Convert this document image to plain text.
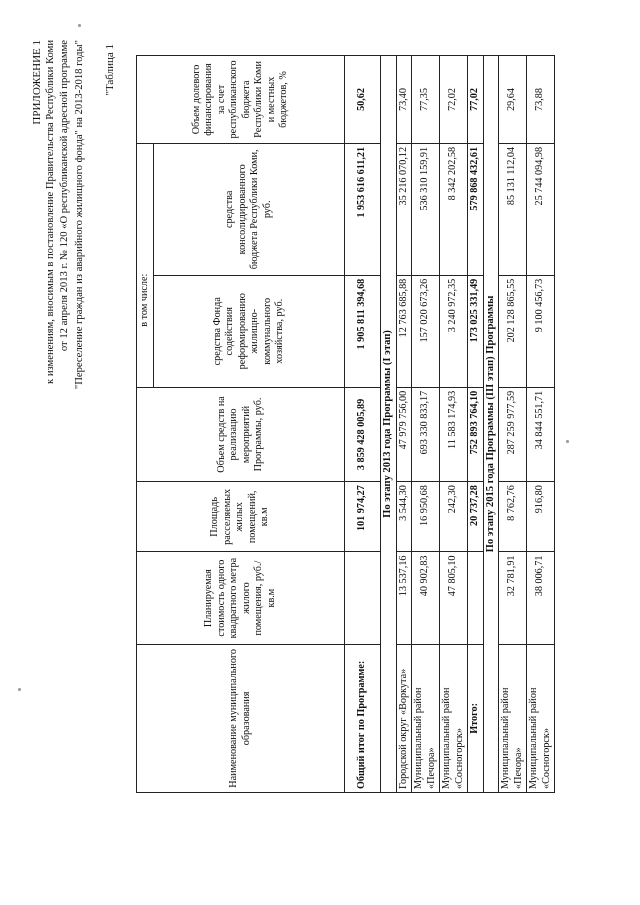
ПРИЛОЖЕНИЕ 1 к изменениям, вносимым в постановление Правительства Республики Коми от 12 апреля 2013 г. № 120 «О республиканской адресной программе "Переселение граждан из аварийного жилищного фонда" на 2013-2018 годы" "Таблица 1
Наименование муниципального образования	Планируемая стоимость одного квадратного метра жилого помещения, руб./кв.м	Площадь расселяемых жилых помещений, кв.м	Объем средств на реализацию мероприятий Программы, руб.	в том числе:		Объем долевого финансирования за счет республиканского бюджета Республики Коми и местных бюджетов, %
				средства Фонда содействия реформированию жилищно-коммунального хозяйства, руб.	средства консолидированного бюджета Республики Коми, руб.	
Общий итог по Программе:		101 974,27	3 859 428 005,89	1 905 811 394,68	1 953 616 611,21	50,62
По этапу 2013 года Программы (I этап)						
Городской округ «Воркута»	13 537,16	3 544,30	47 979 756,00	12 763 685,88	35 216 070,12	73,40
Муниципальный район «Печора»	40 902,83	16 950,68	693 330 833,17	157 020 673,26	536 310 159,91	77,35
Муниципальный район «Сосногорск»	47 805,10	242,30	11 583 174,93	3 240 972,35	8 342 202,58	72,02
Итого:		20 737,28	752 893 764,10	173 025 331,49	579 868 432,61	77,02
По этапу 2015 года Программы (III этап) Программы						
Муниципальный район «Печора»	32 781,91	8 762,76	287 259 977,59	202 128 865,55	85 131 112,04	29,64
Муниципальный район «Сосногорск»	38 006,71	916,80	34 844 551,71	9 100 456,73	25 744 094,98	73,88
